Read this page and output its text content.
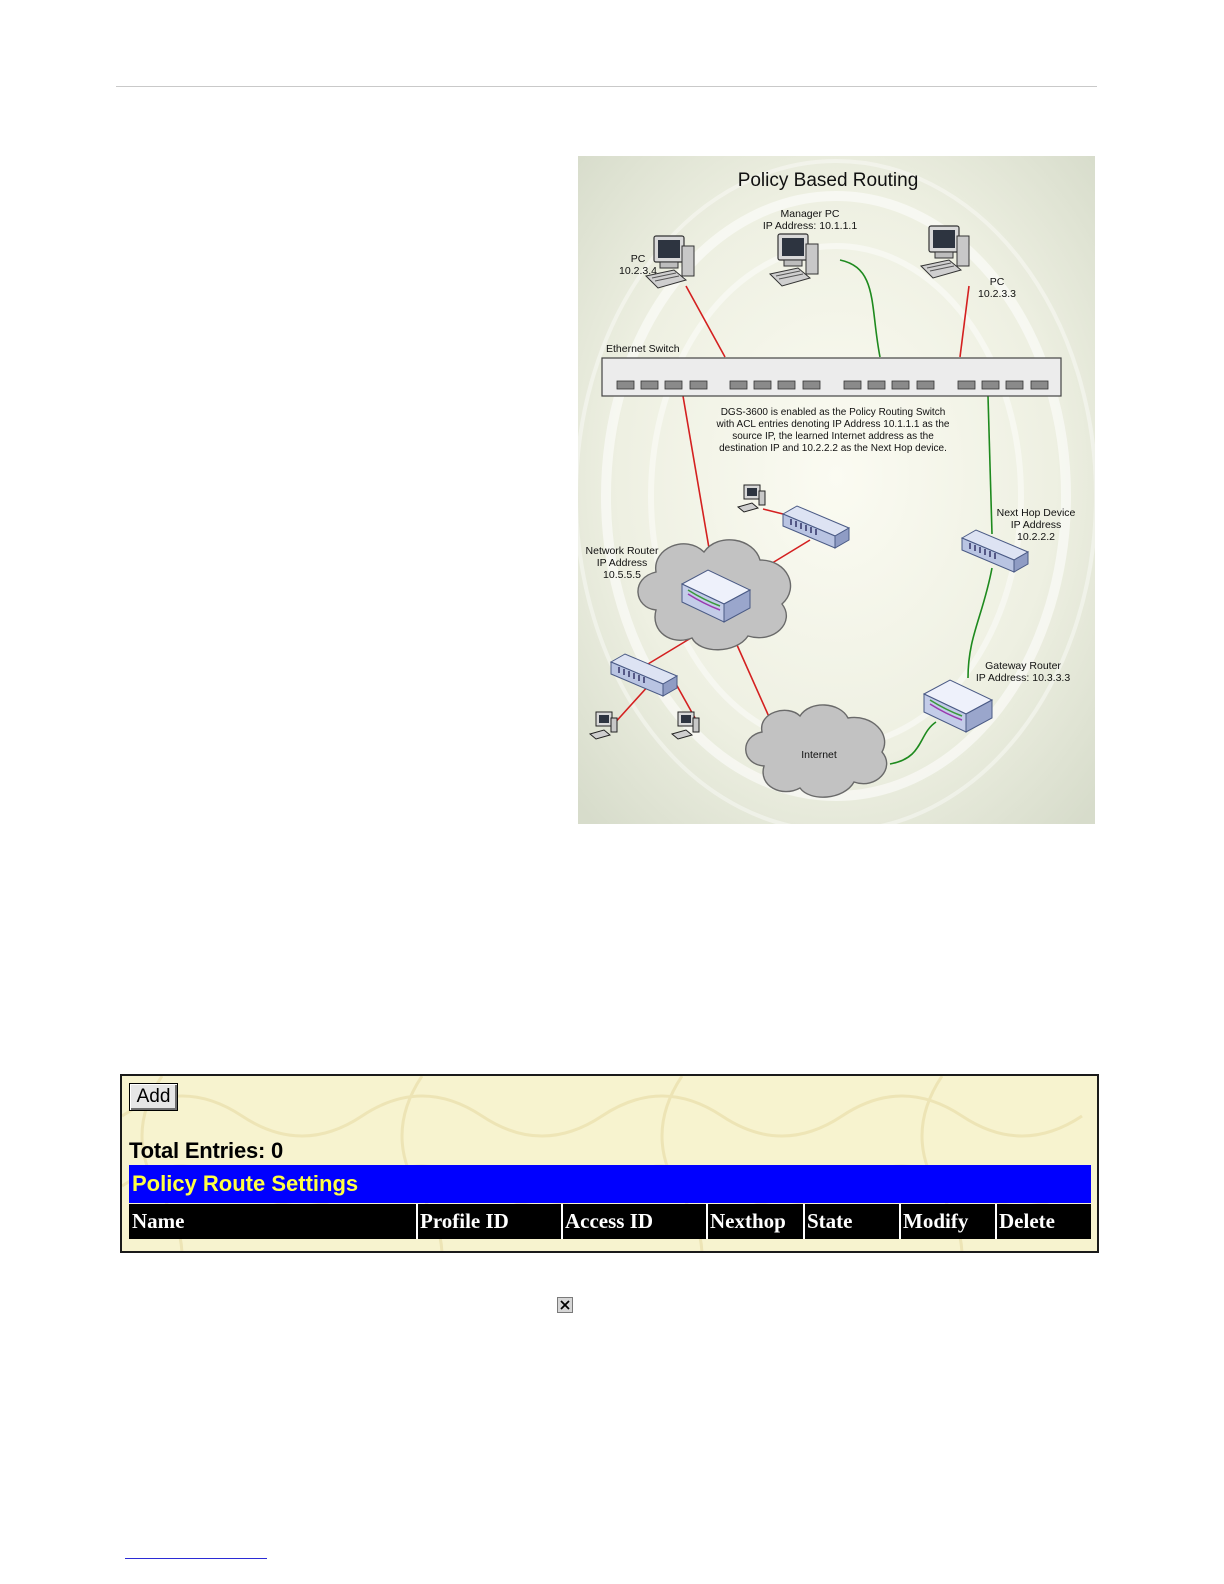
Policy Based Routing
Manager PC
IP Address: 10.1.1.1
PC
10.2.3.4
PC
10.2.3.3
Ethernet Switch
DGS-3600 is enabled as the Policy Routing Switch
with ACL entries denoting IP Address 10.1.1.1 as the
source IP, the learned Internet address as the
destination IP and 10.2.2.2 as the Next Hop device.
Next Hop Device
IP Address
10.2.2.2
Network Router
IP Address
10.5.5.5
Gateway Router
IP Address: 10.3.3.3
Internet
Add
Total Entries: 0
Policy Route Settings
Name	Profile ID	Access ID	Nexthop	State	Modify	Delete
